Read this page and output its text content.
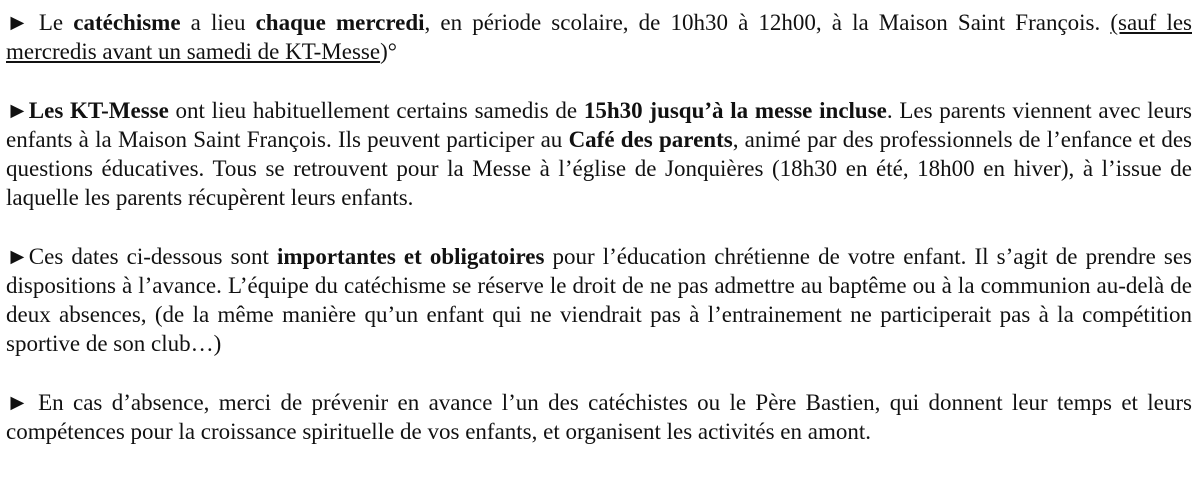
► Le catéchisme a lieu chaque mercredi, en période scolaire, de 10h30 à 12h00, à la Maison Saint François. (sauf les mercredis avant un samedi de KT-Messe)°

►Les KT-Messe ont lieu habituellement certains samedis de 15h30 jusqu’à la messe incluse. Les parents viennent avec leurs enfants à la Maison Saint François. Ils peuvent participer au Café des parents, animé par des professionnels de l’enfance et des questions éducatives. Tous se retrouvent pour la Messe à l’église de Jonquières (18h30 en été, 18h00 en hiver), à l’issue de laquelle les parents récupèrent leurs enfants.

►Ces dates ci-dessous sont importantes et obligatoires pour l’éducation chrétienne de votre enfant. Il s’agit de prendre ses dispositions à l’avance. L’équipe du catéchisme se réserve le droit de ne pas admettre au baptême ou à la communion au-delà de deux absences, (de la même manière qu’un enfant qui ne viendrait pas à l’entrainement ne participerait pas à la compétition sportive de son club…)

► En cas d’absence, merci de prévenir en avance l’un des catéchistes ou le Père Bastien, qui donnent leur temps et leurs compétences pour la croissance spirituelle de vos enfants, et organisent les activités en amont.
